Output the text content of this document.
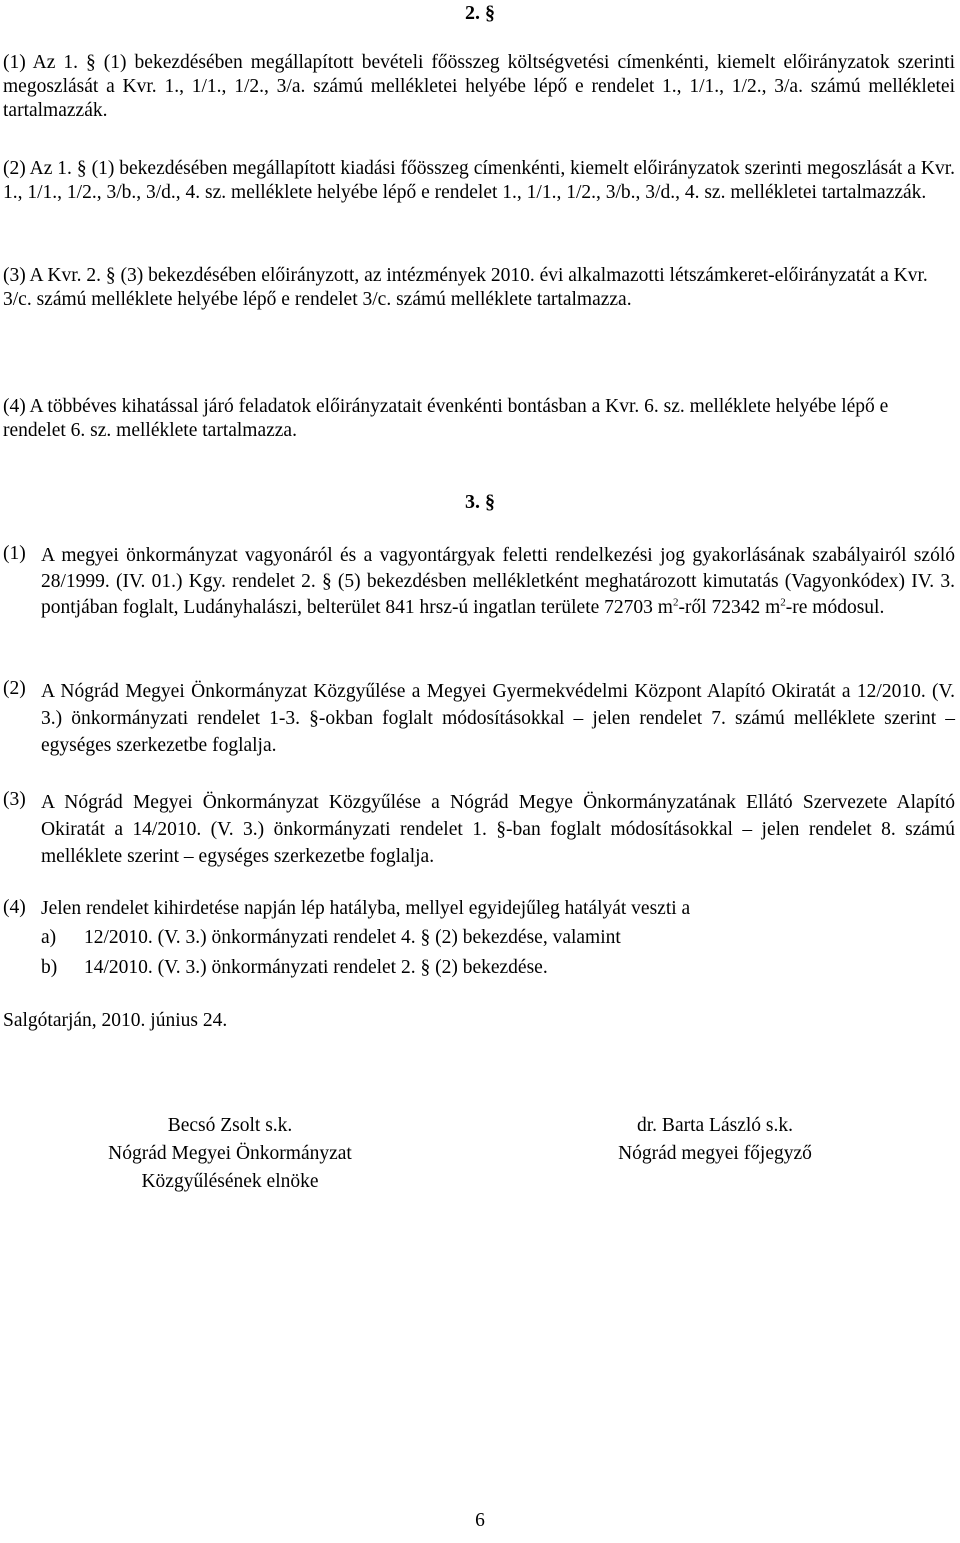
2. §
(1) Az 1. § (1) bekezdésében megállapított bevételi főösszeg költségvetési címenkénti, kiemelt előirányzatok szerinti megoszlását a Kvr. 1., 1/1., 1/2., 3/a. számú mellékletei helyébe lépő e rendelet 1., 1/1., 1/2., 3/a. számú mellékletei tartalmazzák.
(2) Az 1. § (1) bekezdésében megállapított kiadási főösszeg címenkénti, kiemelt előirányzatok szerinti megoszlását a Kvr. 1., 1/1., 1/2., 3/b., 3/d., 4. sz. melléklete helyébe lépő e rendelet 1., 1/1., 1/2., 3/b., 3/d., 4. sz. mellékletei tartalmazzák.
(3) A Kvr. 2. § (3) bekezdésében előirányzott, az intézmények 2010. évi alkalmazotti létszámkeret-előirányzatát a Kvr. 3/c. számú melléklete helyébe lépő e rendelet 3/c. számú melléklete tartalmazza.
(4) A többéves kihatással járó feladatok előirányzatait évenkénti bontásban a Kvr. 6. sz. melléklete helyébe lépő e rendelet 6. sz. melléklete tartalmazza.
3. §
(1) A megyei önkormányzat vagyonáról és a vagyontárgyak feletti rendelkezési jog gyakorlásának szabályairól szóló 28/1999. (IV. 01.) Kgy. rendelet 2. § (5) bekezdésben mellékletként meghatározott kimutatás (Vagyonkódex) IV. 3. pontjában foglalt, Ludányhalászi, belterület 841 hrsz-ú ingatlan területe 72703 $m^2$-ről 72342 $m^2-re$ módosul.
(2) A Nógrád Megyei Önkormányzat Közgyűlése a Megyei Gyermekvédelmi Központ Alapító Okiratát a 12/2010. (V. 3.) önkormányzati rendelet 1-3. §-okban foglalt módosításokkal – jelen rendelet 7. számú melléklete szerint – egységes szerkezetbe foglalja.
(3) A Nógrád Megyei Önkormányzat Közgyűlése a Nógrád Megye Önkormányzatának Ellátó Szervezete Alapító Okiratát a 14/2010. (V. 3.) önkormányzati rendelet 1. §-ban foglalt módosításokkal – jelen rendelet 8. számú melléklete szerint – egységes szerkezetbe foglalja.
(4) Jelen rendelet kihirdetése napján lép hatályba, mellyel egyidejűleg hatályát veszti a
a) 12/2010. (V. 3.) önkormányzati rendelet 4. § (2) bekezdése, valamint
b) 14/2010. (V. 3.) önkormányzati rendelet 2. § (2) bekezdése.
Salgótarján, 2010. június 24.
Becsó Zsolt s.k.
Nógrád Megyei Önkormányzat
Közgyűlésének elnöke
dr. Barta László s.k.
Nógrád megyei főjegyző
6
